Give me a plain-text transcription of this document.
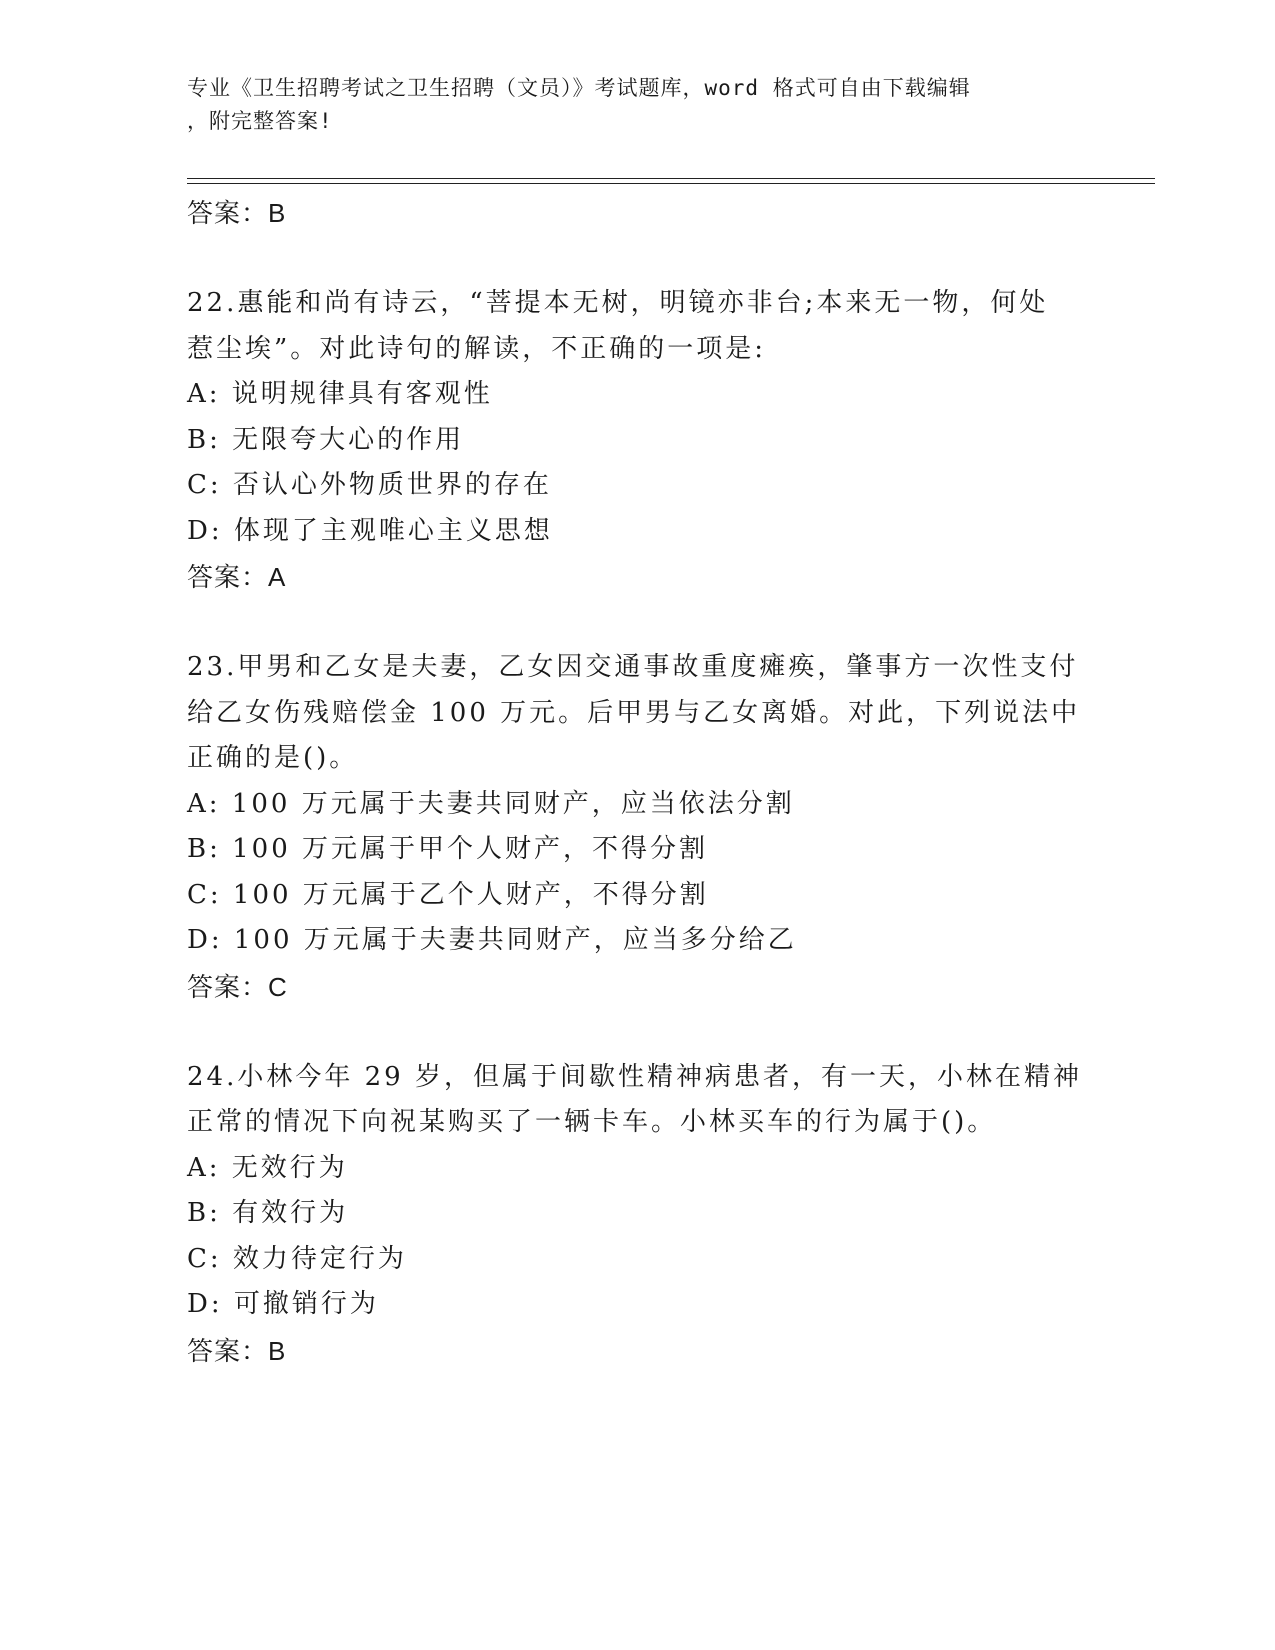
专业《卫生招聘考试之卫生招聘（文员）》考试题库，word 格式可自由下载编辑
，附完整答案!
答案：B
22.惠能和尚有诗云，“菩提本无树，明镜亦非台;本来无一物，何处
惹尘埃”。对此诗句的解读，不正确的一项是:
A: 说明规律具有客观性
B: 无限夸大心的作用
C: 否认心外物质世界的存在
D: 体现了主观唯心主义思想
答案：A
23.甲男和乙女是夫妻，乙女因交通事故重度瘫痪，肇事方一次性支付
给乙女伤残赔偿金 100 万元。后甲男与乙女离婚。对此，下列说法中
正确的是()。
A: 100 万元属于夫妻共同财产，应当依法分割
B: 100 万元属于甲个人财产，不得分割
C: 100 万元属于乙个人财产，不得分割
D: 100 万元属于夫妻共同财产，应当多分给乙
答案：C
24.小林今年 29 岁，但属于间歇性精神病患者，有一天，小林在精神
正常的情况下向祝某购买了一辆卡车。小林买车的行为属于()。
A: 无效行为
B: 有效行为
C: 效力待定行为
D: 可撤销行为
答案：B
